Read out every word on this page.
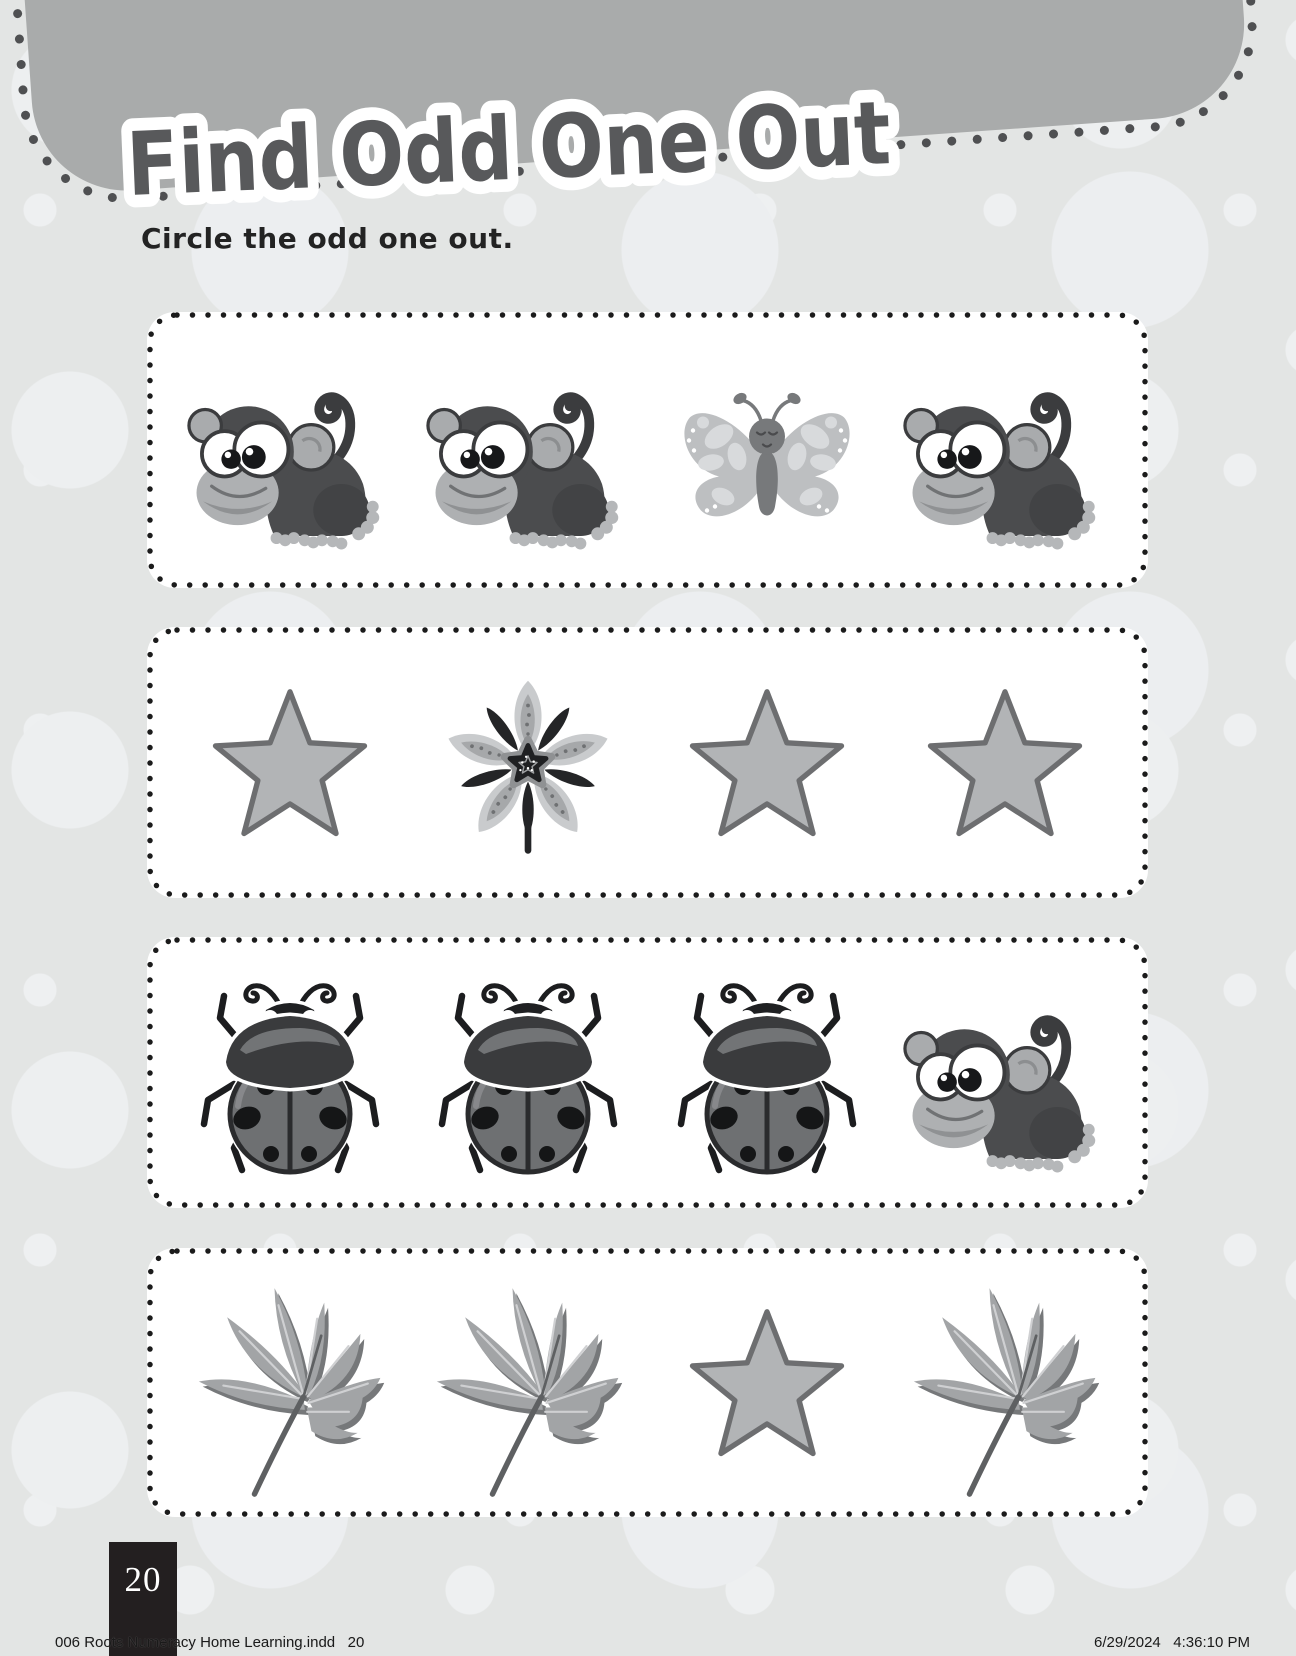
Find Odd One Out
Circle the odd one out.
20
006 Roots Numeracy Home Learning.indd   20	6/29/2024   4:36:10 PM
